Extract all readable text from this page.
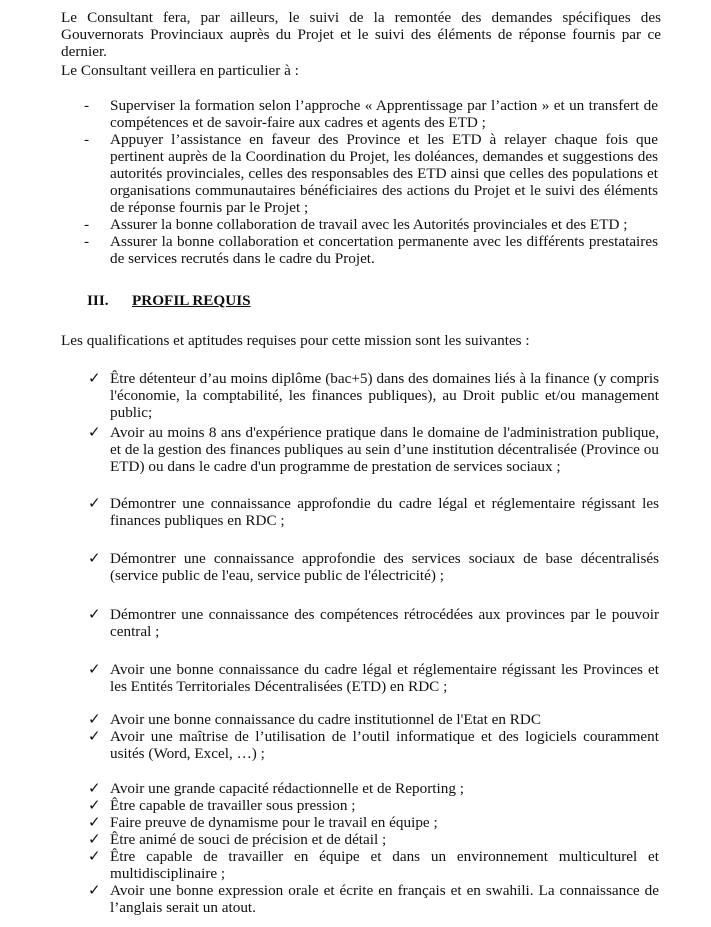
Le Consultant fera, par ailleurs, le suivi de la remontée des demandes spécifiques des Gouvernorats Provinciaux auprès du Projet et le suivi des éléments de réponse fournis par ce dernier.

Le Consultant veillera en particulier à :

- Superviser la formation selon l’approche « Apprentissage par l’action » et un transfert de compétences et de savoir-faire aux cadres et agents des ETD ;
- Appuyer l’assistance en faveur des Province et les ETD à relayer chaque fois que pertinent auprès de la Coordination du Projet, les doléances, demandes et suggestions des autorités provinciales, celles des responsables des ETD ainsi que celles des populations et organisations communautaires bénéficiaires des actions du Projet et le suivi des éléments de réponse fournis par le Projet ;
- Assurer la bonne collaboration de travail avec les Autorités provinciales et des ETD ;
- Assurer la bonne collaboration et concertation permanente avec les différents prestataires de services recrutés dans le cadre du Projet.
III. PROFIL REQUIS

Les qualifications et aptitudes requises pour cette mission sont les suivantes :

✓ Être détenteur d’au moins diplôme (bac+5) dans des domaines liés à la finance (y compris l'économie, la comptabilité, les finances publiques), au Droit public et/ou management public;
✓ Avoir au moins 8 ans d'expérience pratique dans le domaine de l'administration publique, et de la gestion des finances publiques au sein d’une institution décentralisée (Province ou ETD) ou dans le cadre d'un programme de prestation de services sociaux ;
✓ Démontrer une connaissance approfondie du cadre légal et réglementaire régissant les finances publiques en RDC ;
✓ Démontrer une connaissance approfondie des services sociaux de base décentralisés (service public de l'eau, service public de l'électricité) ;
✓ Démontrer une connaissance des compétences rétrocédées aux provinces par le pouvoir central ;
✓ Avoir une bonne connaissance du cadre légal et réglementaire régissant les Provinces et les Entités Territoriales Décentralisées (ETD) en RDC ;
✓ Avoir une bonne connaissance du cadre institutionnel de l'Etat en RDC
✓ Avoir une maîtrise de l’utilisation de l’outil informatique et des logiciels couramment usités (Word, Excel, …) ;
✓ Avoir une grande capacité rédactionnelle et de Reporting ;
✓ Être capable de travailler sous pression ;
✓ Faire preuve de dynamisme pour le travail en équipe ;
✓ Être animé de souci de précision et de détail ;
✓ Être capable de travailler en équipe et dans un environnement multiculturel et multidisciplinaire ;
✓ Avoir une bonne expression orale et écrite en français et en swahili. La connaissance de l’anglais serait un atout.
